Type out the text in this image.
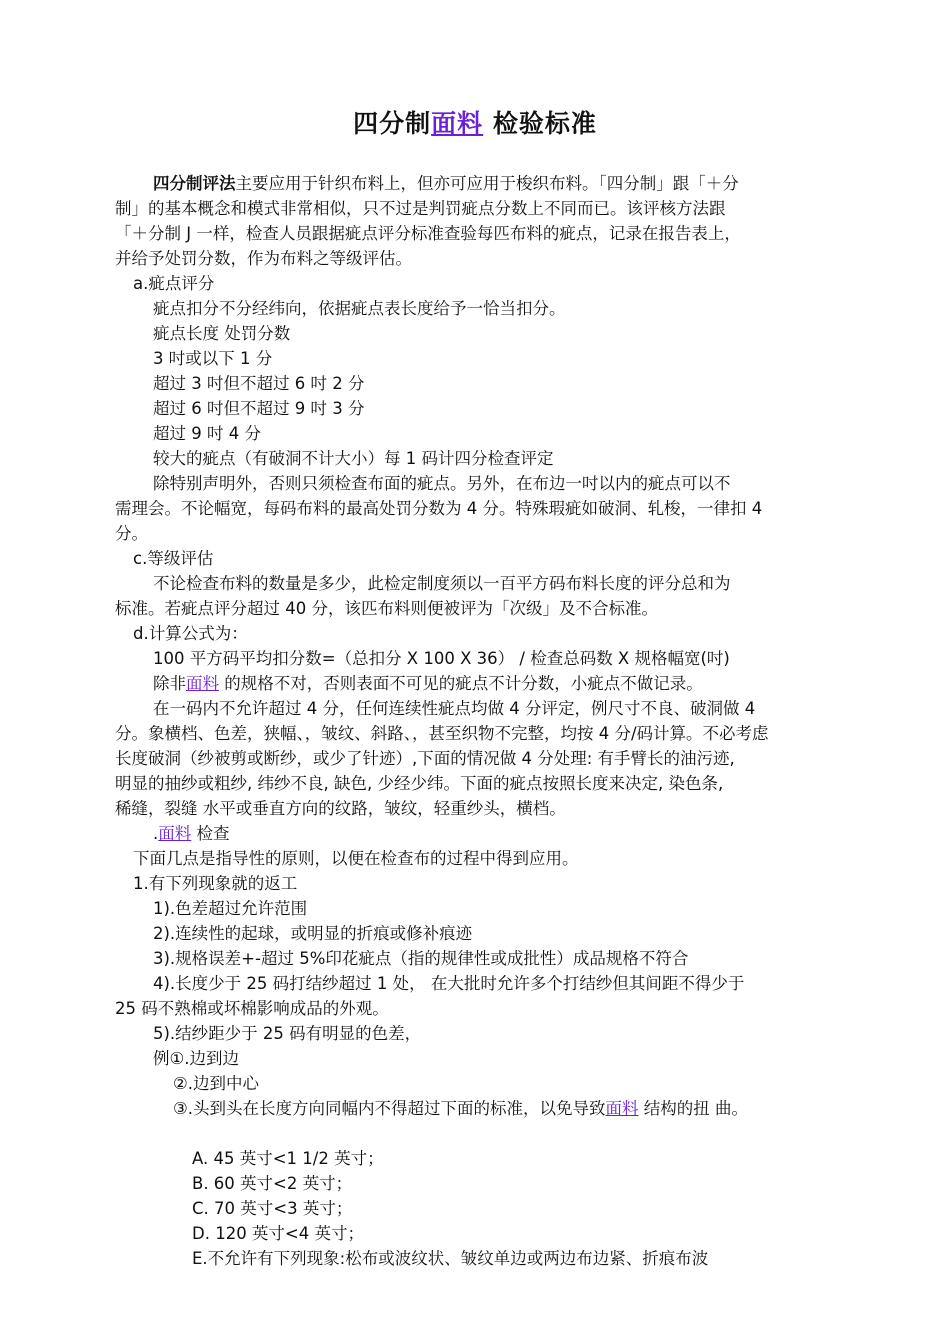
四分制面料 检验标准
四分制评法主要应用于针织布料上，但亦可应用于梭织布料。「四分制」跟「＋分
制」的基本概念和模式非常相似，只不过是判罚疵点分数上不同而已。该评核方法跟
「＋分制 J 一样，检查人员跟据疵点评分标准查验每匹布料的疵点，记录在报告表上，
并给予处罚分数，作为布料之等级评估。
a.疵点评分
疵点扣分不分经纬向，依据疵点表长度给予一恰当扣分。
疵点长度 处罚分数
3 吋或以下 1 分
超过 3 吋但不超过 6 吋 2 分
超过 6 吋但不超过 9 吋 3 分
超过 9 吋 4 分
较大的疵点（有破洞不计大小）每 1 码计四分检查评定
除特别声明外，否则只须检查布面的疵点。另外，在布边一吋以内的疵点可以不
需理会。不论幅宽，每码布料的最高处罚分数为 4 分。特殊瑕疵如破洞、轧梭，一律扣 4
分。
c.等级评估
不论检查布料的数量是多少，此检定制度须以一百平方码布料长度的评分总和为
标准。若疵点评分超过 40 分，该匹布料则便被评为「次级」及不合标准。
d.计算公式为：
100 平方码平均扣分数=（总扣分 X 100 X 36） / 检查总码数 X 规格幅宽(吋)
除非面料 的规格不对，否则表面不可见的疵点不计分数，小疵点不做记录。
在一码内不允许超过 4 分，任何连续性疵点均做 4 分评定，例尺寸不良、破洞做 4
分。象横档、色差，狭幅、，皱纹、斜路、，甚至织物不完整，均按 4 分/码计算。不必考虑
长度破洞（纱被剪或断纱，或少了针迹）,下面的情况做 4 分处理: 有手臂长的油污迹,
明显的抽纱或粗纱, 纬纱不良, 缺色, 少经少纬。下面的疵点按照长度来决定, 染色条,
稀缝，裂缝 水平或垂直方向的纹路，皱纹，轻重纱头，横档。
.面料 检查
下面几点是指导性的原则，以便在检查布的过程中得到应用。
1.有下列现象就的返工
1).色差超过允许范围
2).连续性的起球，或明显的折痕或修补痕迹
3).规格误差+-超过 5%印花疵点（指的规律性或成批性）成品规格不符合
4).长度少于 25 码打结纱超过 1 处， 在大批时允许多个打结纱但其间距不得少于
25 码不熟棉或坏棉影响成品的外观。
5).结纱距少于 25 码有明显的色差，
例①.边到边
②.边到中心
③.头到头在长度方向同幅内不得超过下面的标准，以免导致面料 结构的扭 曲。
A. 45 英寸<1 1/2 英寸；
B. 60 英寸<2 英寸；
C. 70 英寸<3 英寸；
D. 120 英寸<4 英寸；
E.不允许有下列现象:松布或波纹状、皱纹单边或两边布边紧、折痕布波
